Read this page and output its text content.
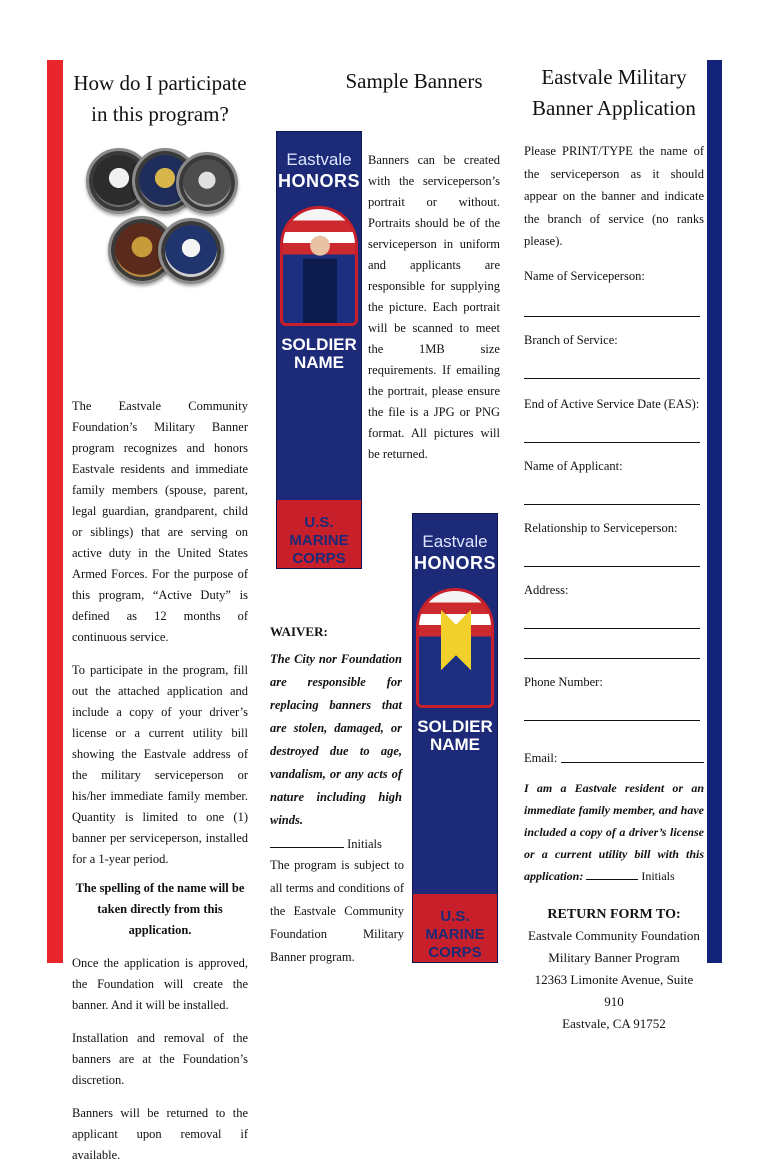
How do I participate
in this program?

The Eastvale Community Foundation’s Military Banner program recognizes and honors Eastvale residents and immediate family members (spouse, parent, legal guardian, grandparent, child or siblings) that are serving on active duty in the United States Armed Forces. For the purpose of this program, “Active Duty” is defined as 12 months of continuous service.

To participate in the program, fill out the attached application and include a copy of your driver’s license or a current utility bill showing the Eastvale address of the military serviceperson or his/her immediate family member. Quantity is limited to one (1) banner per serviceperson, installed for a 1-year period.

The spelling of the name will be taken directly from this application.

Once the application is approved, the Foundation will create the banner. And it will be installed.

Installation and removal of the banners are at the Foundation’s discretion.

Banners will be returned to the applicant upon removal if available.

Sample Banners

Banners can be created with the serviceperson’s portrait or without. Portraits should be of the serviceperson in uniform and applicants are responsible for supplying the picture. Each portrait will be scanned to meet the 1MB size requirements. If emailing the portrait, please ensure the file is a JPG or PNG format. All pictures will be returned.

WAIVER:

The City nor Foundation are responsible for replacing banners that are stolen, damaged, or destroyed due to age, vandalism, or any acts of nature including high winds.

Initials

The program is subject to all terms and conditions of the Eastvale Community Foundation Military Banner program.

Eastvale
HONORS
SOLDIER
NAME
U.S. MARINE
CORPS
Eastvale
HONORS
SOLDIER
NAME
U.S. MARINE
CORPS
Eastvale Military
Banner Application

Please PRINT/TYPE the name of the serviceperson as it should appear on the banner and indicate the branch of service (no ranks please).

Name of Serviceperson:
Branch of Service:
End of Active Service Date (EAS):
Name of Applicant:
Relationship to Serviceperson:
Address:
Phone Number:
Email:

I am a Eastvale resident or an immediate family member, and have included a copy of a driver’s license or a current utility bill with this application:	Initials

RETURN FORM TO:
Eastvale Community Foundation
Military Banner Program
12363 Limonite Avenue, Suite 910
Eastvale, CA 91752
